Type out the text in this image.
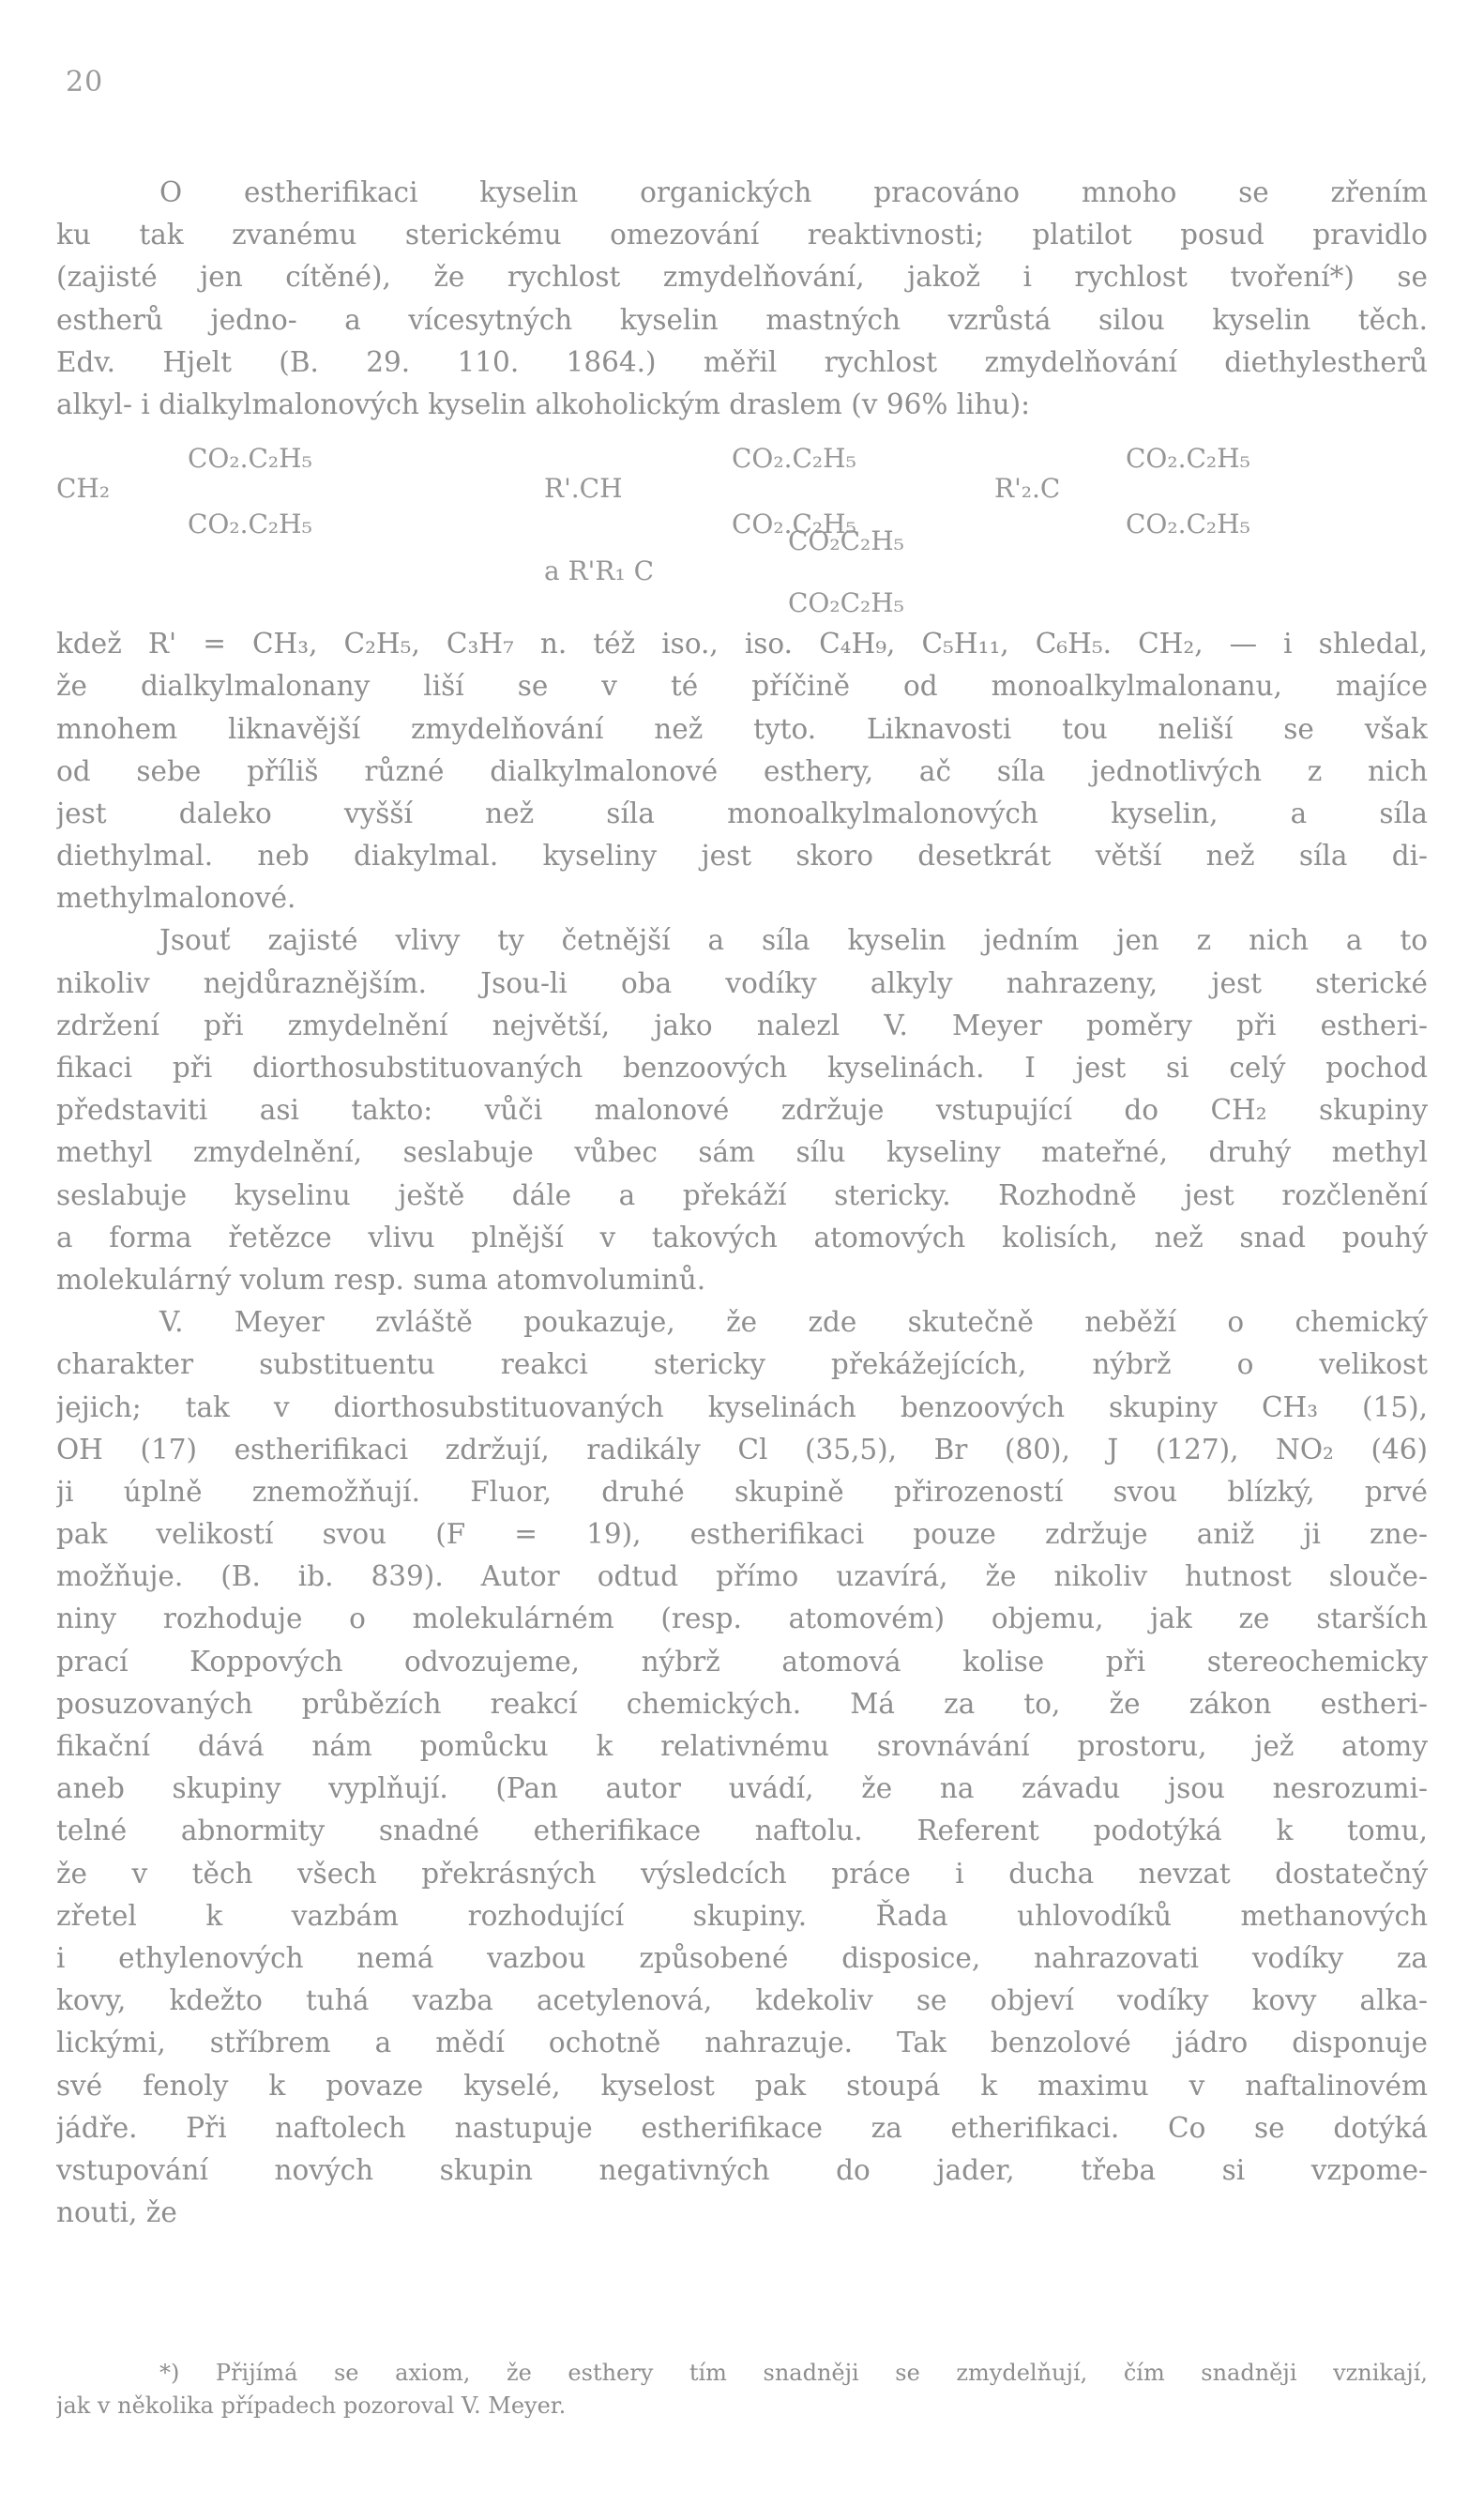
20
O estherifikaci kyselin organických pracováno mnoho se zřením
ku tak zvanému sterickému omezování reaktivnosti; platilot posud pravidlo
(zajisté jen cítěné), že rychlost zmydelňování, jakož i rychlost tvoření*) se
estherů jedno- a vícesytných kyselin mastných vzrůstá silou kyselin těch.
Edv. Hjelt (B. 29. 110. 1864.) měřil rychlost zmydelňování diethylestherů
alkyl- i dialkylmalonových kyselin alkoholickým draslem (v 96% lihu):
CO₂.C₂H₅
CH₂
CO₂.C₂H₅
R'.CH
CO₂.C₂H₅
CO₂.C₂H₅
R'₂.C
CO₂.C₂H₅
CO₂.C₂H₅
a R'R₁ C
CO₂C₂H₅
CO₂C₂H₅
kdež R' = CH₃, C₂H₅, C₃H₇ n. též iso., iso. C₄H₉, C₅H₁₁, C₆H₅. CH₂, — i shledal,
že dialkylmalonany liší se v té příčině od monoalkylmalonanu, majíce
mnohem liknavější zmydelňování než tyto. Liknavosti tou neliší se však
od sebe příliš různé dialkylmalonové esthery, ač síla jednotlivých z nich
jest daleko vyšší než síla monoalkylmalonových kyselin, a síla
diethylmal. neb diakylmal. kyseliny jest skoro desetkrát větší než síla di-
methylmalonové.
Jsouť zajisté vlivy ty četnější a síla kyselin jedním jen z nich a to
nikoliv nejdůraznějším. Jsou-li oba vodíky alkyly nahrazeny, jest sterické
zdržení při zmydelnění největší, jako nalezl V. Meyer poměry při estheri-
fikaci při diorthosubstituovaných benzoových kyselinách. I jest si celý pochod
představiti asi takto: vůči malonové zdržuje vstupující do CH₂ skupiny
methyl zmydelnění, seslabuje vůbec sám sílu kyseliny mateřné, druhý methyl
seslabuje kyselinu ještě dále a překáží stericky. Rozhodně jest rozčlenění
a forma řetězce vlivu plnější v takových atomových kolisích, než snad pouhý
molekulárný volum resp. suma atomvoluminů.
V. Meyer zvláště poukazuje, že zde skutečně neběží o chemický
charakter substituentu reakci stericky překážejících, nýbrž o velikost
jejich; tak v diorthosubstituovaných kyselinách benzoových skupiny CH₃ (15),
OH (17) estherifikaci zdržují, radikály Cl (35,5), Br (80), J (127), NO₂ (46)
ji úplně znemožňují. Fluor, druhé skupině přirozeností svou blízký, prvé
pak velikostí svou (F = 19), estherifikaci pouze zdržuje aniž ji zne-
možňuje. (B. ib. 839). Autor odtud přímo uzavírá, že nikoliv hutnost slouče-
niny rozhoduje o molekulárném (resp. atomovém) objemu, jak ze starších
prací Koppových odvozujeme, nýbrž atomová kolise při stereochemicky
posuzovaných průbězích reakcí chemických. Má za to, že zákon estheri-
fikační dává nám pomůcku k relativnému srovnávání prostoru, jež atomy
aneb skupiny vyplňují. (Pan autor uvádí, že na závadu jsou nesrozumi-
telné abnormity snadné etherifikace naftolu. Referent podotýká k tomu,
že v těch všech překrásných výsledcích práce i ducha nevzat dostatečný
zřetel k vazbám rozhodující skupiny. Řada uhlovodíků methanových
i ethylenových nemá vazbou způsobené disposice, nahrazovati vodíky za
kovy, kdežto tuhá vazba acetylenová, kdekoliv se objeví vodíky kovy alka-
lickými, stříbrem a mědí ochotně nahrazuje. Tak benzolové jádro disponuje
své fenoly k povaze kyselé, kyselost pak stoupá k maximu v naftalinovém
jádře. Při naftolech nastupuje estherifikace za etherifikaci. Co se dotýká
vstupování nových skupin negativných do jader, třeba si vzpome-
nouti, že
*) Přijímá se axiom, že esthery tím snadněji se zmydelňují, čím snadněji vznikají,
jak v několika případech pozoroval V. Meyer.
